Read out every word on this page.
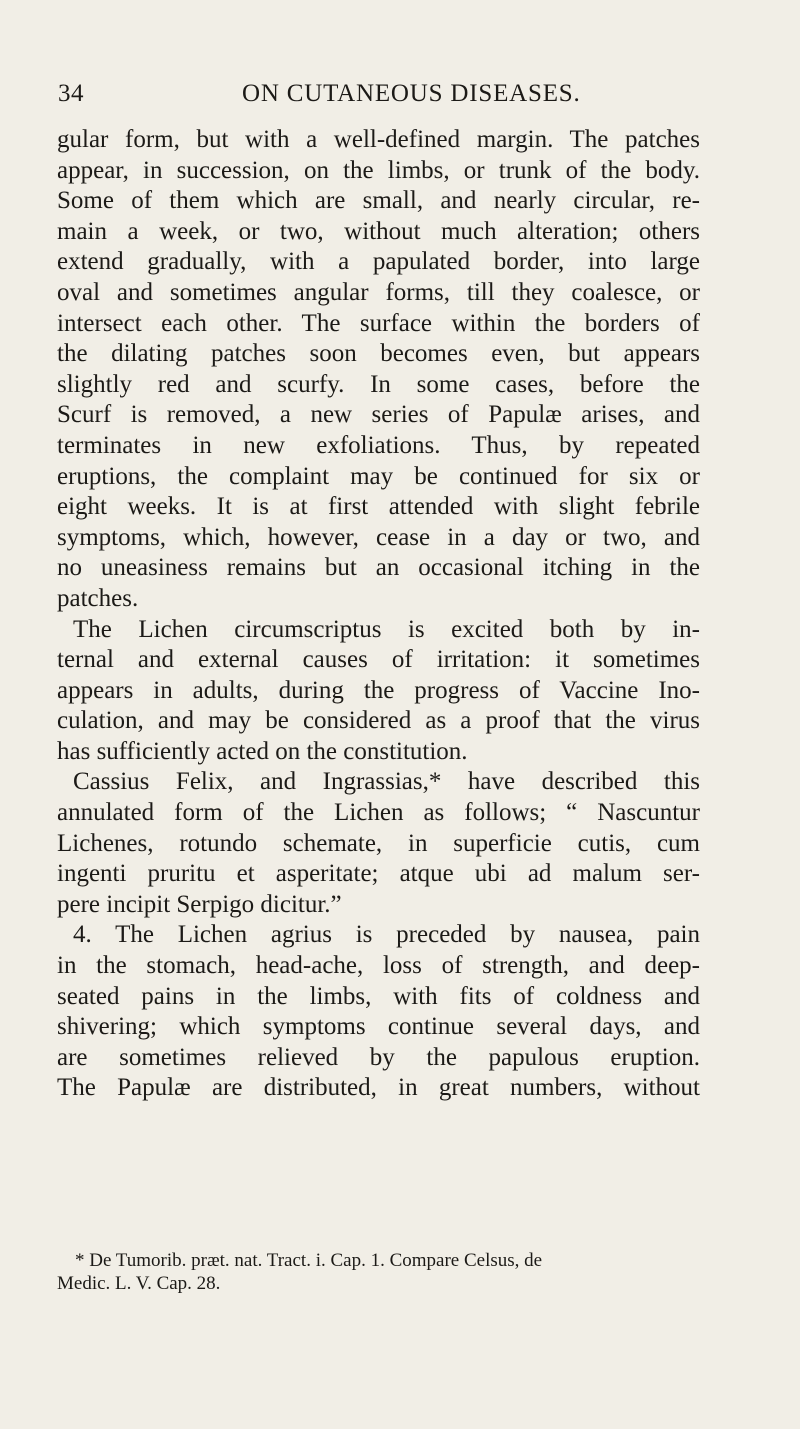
34	ON CUTANEOUS DISEASES.
gular form, but with a well-defined margin. The patches
appear, in succession, on the limbs, or trunk of the body.
Some of them which are small, and nearly circular, re-
main a week, or two, without much alteration; others
extend gradually, with a papulated border, into large
oval and sometimes angular forms, till they coalesce, or
intersect each other. The surface within the borders of
the dilating patches soon becomes even, but appears
slightly red and scurfy. In some cases, before the
Scurf is removed, a new series of Papulæ arises, and
terminates in new exfoliations. Thus, by repeated
eruptions, the complaint may be continued for six or
eight weeks. It is at first attended with slight febrile
symptoms, which, however, cease in a day or two, and
no uneasiness remains but an occasional itching in the
patches.
The Lichen circumscriptus is excited both by in-
ternal and external causes of irritation: it sometimes
appears in adults, during the progress of Vaccine Ino-
culation, and may be considered as a proof that the virus
has sufficiently acted on the constitution.
Cassius Felix, and Ingrassias,* have described this
annulated form of the Lichen as follows; “ Nascuntur
Lichenes, rotundo schemate, in superficie cutis, cum
ingenti pruritu et asperitate; atque ubi ad malum ser-
pere incipit Serpigo dicitur.”
4. The Lichen agrius is preceded by nausea, pain
in the stomach, head-ache, loss of strength, and deep-
seated pains in the limbs, with fits of coldness and
shivering; which symptoms continue several days, and
are sometimes relieved by the papulous eruption.
The Papulæ are distributed, in great numbers, without
* De Tumorib. præt. nat. Tract. i. Cap. 1. Compare Celsus, de
Medic. L. V. Cap. 28.
